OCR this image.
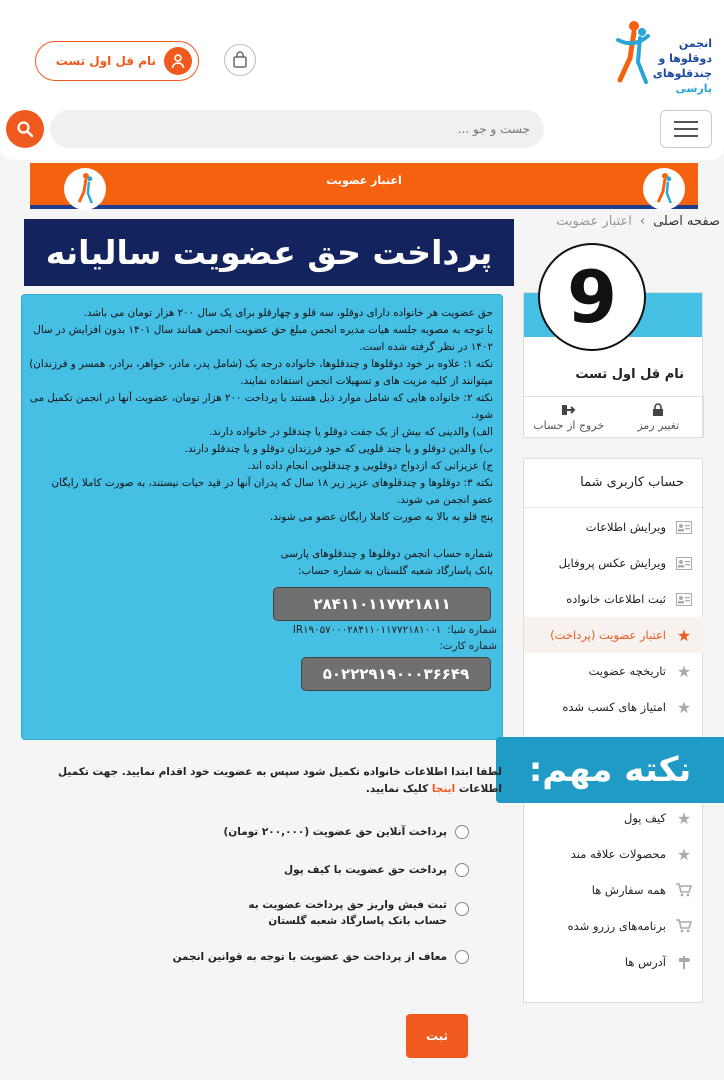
انجمن
دوقلوها و
چندقلوهای
پارسی
نام قل اول تست
جست و جو ...
اعتبار عضویت
صفحه اصلی
›
اعتبار عضویت
پرداخت حق عضویت سالیانه
حق عضویت هر خانواده دارای دوقلو، سه قلو و چهارقلو برای یک سال ۲۰۰ هزار تومان می باشد.
با توجه به مصوبه جلسه هیات مدیره انجمن مبلغ حق عضویت انجمن همانند سال ۱۴۰۱ بدون افزایش در سال ۱۴۰۲ در نظر گرفته شده است.
نکته ۱: علاوه بر خود دوقلوها و چندقلوها، خانواده درجه یک (شامل پدر، مادر، خواهر، برادر، همسر و فرزندان) میتوانند از کلیه مزیت های و تسهیلات انجمن استفاده نمایند.
نکته ۲: خانواده هایی که شامل موارد ذیل هستند با پرداخت ۲۰۰ هزار تومان، عضویت آنها در انجمن تکمیل می شود.
الف) والدینی که بیش از یک جفت دوقلو یا چندقلو در خانواده دارند.
ب) والدین دوقلو و یا چند قلویی که خود فرزندان دوقلو و یا چندقلو دارند.
ج) عزیزانی که ازدواج دوقلویی و چندقلویی انجام داده اند.
نکته ۳: دوقلوها و چندقلوهای عزیز زیر ۱۸ سال که پدران آنها در قید حیات نیستند، به صورت کاملا رایگان عضو انجمن می شوند.
پنج قلو به بالا به صورت کاملا رایگان عضو می شوند.
شماره حساب انجمن دوقلوها و چندقلوهای پارسی
بانک پاسارگاد شعبه گلستان به شماره حساب:
۲۸۴۱۱۰۱۱۷۷۲۱۸۱۱
شماره شبا:
IR۱۹۰۵۷۰۰۰۲۸۴۱۱۰۱۱۷۷۲۱۸۱۰۰۱
شماره کارت:
۵۰۲۲۲۹۱۹۰۰۰۳۶۶۴۹
نام قل اول تست
خروج از حساب	تغییر رمز
9
حساب کاربری شما
ویرایش اطلاعات
ویرایش عکس پروفایل
ثبت اطلاعات خانواده
اعتبار عضویت (پرداخت) ★
تاریخچه عضویت ★
امتیاز های کسب شده ★
کیف پول ★
محصولات علاقه مند ★
همه سفارش ها
برنامه‌های رزرو شده
آدرس ها
نکته مهم:
لطفا ابتدا اطلاعات خانواده تکمیل شود سپس به عضویت خود اقدام نمایید. جهت تکمیل اطلاعات اینجا کلیک نمایید.
پرداخت آنلاین حق عضویت (۲۰۰,۰۰۰ تومان)
پرداخت حق عضویت با کیف پول
ثبت فیش واریز حق پرداخت عضویت به حساب بانک پاسارگاد شعبه گلستان
معاف از پرداخت حق عضویت با توجه به قوانین انجمن
ثبت
